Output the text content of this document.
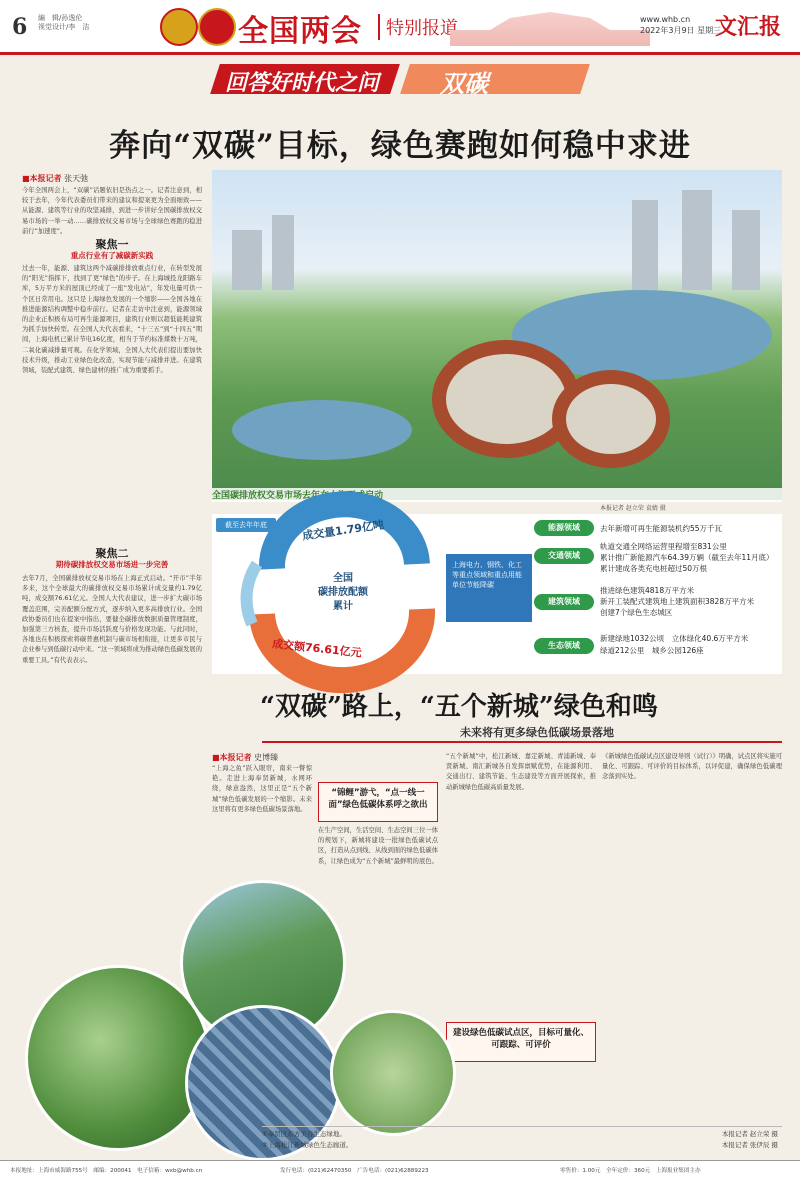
6 編　辑/孙逸伦
视觉设计/李　洁	全国两会	特别报道	www.whb.cn
2022年3月9日 星期三
文汇报
回答好时代之问	双碳
奔向“双碳”目标，绿色赛跑如何稳中求进
■本报记者 张天弛
今年全国两会上，“双碳”话题依旧是热点之一。记者注意到，相较于去年，今年代表委员们带来的建议和提案更为全面细致——从能源、建筑等行业的攻坚减排，到进一步讲好全国碳排放权交易市场的一举一动……碳排放权交易市场与全球绿色赛跑的稳进前行“加速度”。
聚焦一
重点行业有了减碳新实践
过去一年，能源、建筑这两个减碳排排放重点行业，在转型发展的“阳光”指挥下，找到了更“绿色”的步子。在上海城投龙阳路车库，5万平方米的屋顶已经成了一座“发电站”，年发电量可供一个区日常用电。这只是上海绿色发展的一个缩影——全国各地在推进能源结构调整中稳步前行。记者在走访中注意到，能源领域的企业正积极布局可再生能源项目，建筑行业则以超低能耗建筑为抓手加快转型。在全国人大代表看来，“十三五”到“十四五”期间，上海电机已累计节电16亿度，相当于节约标准煤数十万吨，二氧化碳减排量可观。在化学领域，全国人大代表们提出要加快技术升级，推动工业绿色化改造，实现节能与减排并进。在建筑领域，装配式建筑、绿色建材的推广成为重要抓手。
聚焦二
期待碳排放权交易市场进一步完善
去年7月，全国碳排放权交易市场在上海正式启动。“开市”半年多来，这个全球最大的碳排放权交易市场累计成交量约1.79亿吨，成交额76.61亿元。全国人大代表建议，进一步扩大碳市场覆盖范围，完善配额分配方式，逐步纳入更多高排放行业。全国政协委员们也在提案中指出，要健全碳排放数据质量管理制度，加强第三方核查，提升市场活跃度与价格发现功能。与此同时，各地也在积极探索将碳普惠机制与碳市场相衔接，让更多市民与企业参与到低碳行动中来。“这一领域将成为推动绿色低碳发展的重要工具。”有代表表示。
全国碳排放权交易市场去年在上海正式启动
本报记者 赵立荣 袁婧 摄
截至去年年底	成交量1.79亿吨
成交额76.61亿元
全国
碳排放配额
累计
上海电力、钢铁、化工等重点领域和重点用能单位节能降碳
能源领域	去年新增可再生能源装机约55万千瓦
交通领域
轨道交通全网络运营里程增至831公里
累计推广新能源汽车64.39万辆（截至去年11月底）
累计建成各类充电桩超过50万根
建筑领域
推进绿色建筑4818万平方米
新开工装配式建筑地上建筑面积3828万平方米
创建7个绿色生态城区
生态领域
新建绿地1032公顷　立体绿化40.6万平方米
绿道212公里　城乡公园126座
“双碳”路上，“五个新城”绿色和鸣
未来将有更多绿色低碳场景落地
■本报记者 史博臻
“上海之鱼”跃入眼帘，南来一瞥惊艳。走进上海奉贤新城，水网环绕，绿意盎然，这里正是“五个新城”绿色低碳发展的一个缩影。未来这里将有更多绿色低碳场景落地。
“锦鲤”游弋，“点一线一面”绿色低碳体系呼之欲出
在生产空间，生活空间、生态空间三位一体的规划下，新城将建设一批绿色低碳试点区，打造从点到线、从线到面的绿色低碳体系，让绿色成为“五个新城”最鲜明的底色。
“五个新城”中，松江新城、嘉定新城、青浦新城、奉贤新城、南汇新城各自发挥禀赋优势，在能源利用、交通出行、建筑节能、生态建设等方面开展探索，推动新城绿色低碳高质量发展。
《新城绿色低碳试点区建设导则（试行）》明确，试点区将实施可量化、可跟踪、可评价的目标体系，以评促建，确保绿色低碳理念落到实处。
建设绿色低碳试点区，目标可量化、可跟踪、可评价
①奉贤区东方美谷生态绿地。
②上海松江新城绿色生态廊道。
本报记者 赵立荣 摄
本报记者 张伊辰 摄
本报地址：上海市威海路755号　邮编：200041　电子信箱：wxb@whb.cn	发行电话：(021)62470350　广告电话：(021)62889223	零售价：1.00元　全年定价：360元　上海报业集团主办
